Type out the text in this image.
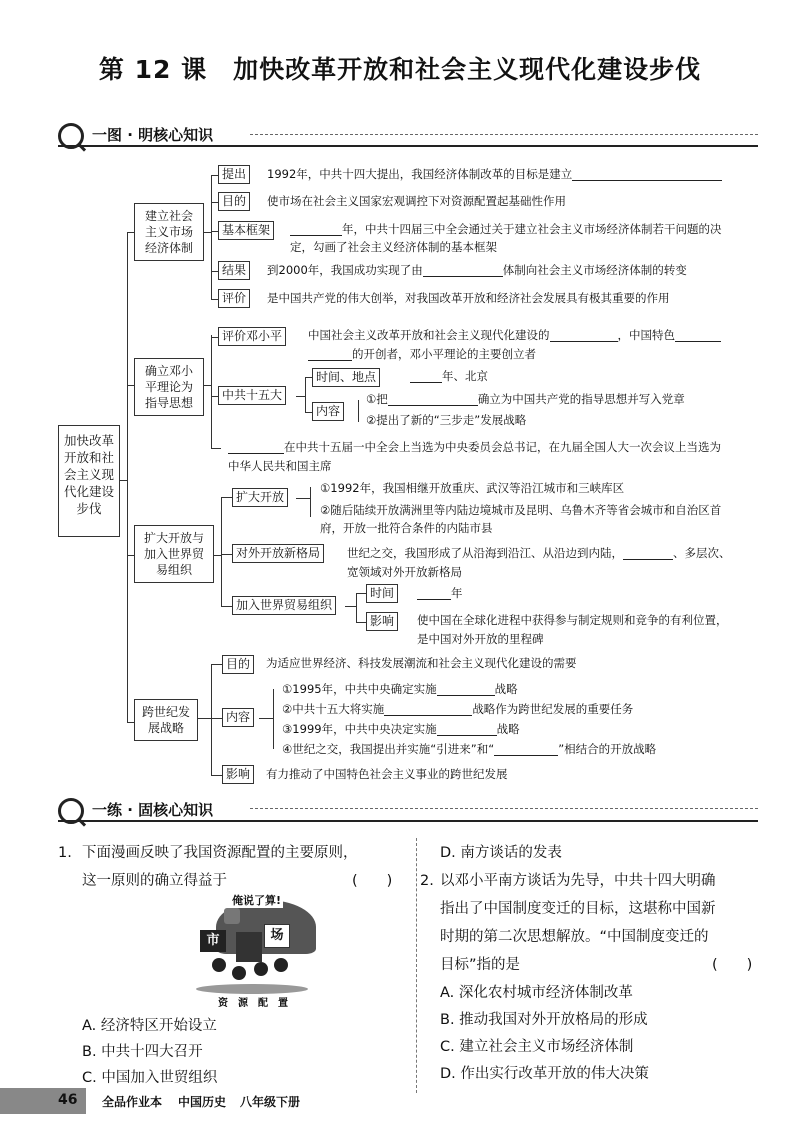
第 12 课　加快改革开放和社会主义现代化建设步伐
一图 · 明核心知识
加快改革开放和社会主义现代化建设步伐
建立社会主义市场经济体制
提出	1992年，中共十四大提出，我国经济体制改革的目标是建立
目的	使市场在社会主义国家宏观调控下对资源配置起基础性作用
基本框架	年，中共十四届三中全会通过关于建立社会主义市场经济体制若干问题的决
定，勾画了社会主义经济体制的基本框架
结果	到2000年，我国成功实现了由	体制向社会主义市场经济体制的转变
评价	是中国共产党的伟大创举，对我国改革开放和经济社会发展具有极其重要的作用
确立邓小平理论为指导思想
评价邓小平	中国社会主义改革开放和社会主义现代化建设的	，中国特色
的开创者，邓小平理论的主要创立者
中共十五大
时间、地点	年、北京
内容
①把	确立为中国共产党的指导思想并写入党章
②提出了新的“三步走”发展战略
在中共十五届一中全会上当选为中央委员会总书记，在九届全国人大一次会议上当选为
中华人民共和国主席
扩大开放与加入世界贸易组织
扩大开放
①1992年，我国相继开放重庆、武汉等沿江城市和三峡库区
②随后陆续开放满洲里等内陆边境城市及昆明、乌鲁木齐等省会城市和自治区首
府，开放一批符合条件的内陆市县
对外开放新格局	世纪之交，我国形成了从沿海到沿江、从沿边到内陆，	、多层次、
宽领域对外开放新格局
加入世界贸易组织
时间	年
影响	使中国在全球化进程中获得参与制定规则和竞争的有利位置，
是中国对外开放的里程碑
跨世纪发展战略
目的	为适应世界经济、科技发展潮流和社会主义现代化建设的需要
内容
①1995年，中共中央确定实施	战略
②中共十五大将实施	战略作为跨世纪发展的重要任务
③1999年，中共中央决定实施	战略
④世纪之交，我国提出并实施“引进来”和“	”相结合的开放战略
影响	有力推动了中国特色社会主义事业的跨世纪发展
一练 · 固核心知识
1. 下面漫画反映了我国资源配置的主要原则，
这一原则的确立得益于	(　　)
俺说了算!
市	场
资　源　配　置
A. 经济特区开始设立
B. 中共十四大召开
C. 中国加入世贸组织
D. 南方谈话的发表
2. 以邓小平南方谈话为先导，中共十四大明确
指出了中国制度变迁的目标，这堪称中国新
时期的第二次思想解放。“中国制度变迁的
目标”指的是	(　　)
A. 深化农村城市经济体制改革
B. 推动我国对外开放格局的形成
C. 建立社会主义市场经济体制
D. 作出实行改革开放的伟大决策
46 全品作业本 中国历史 八年级下册
